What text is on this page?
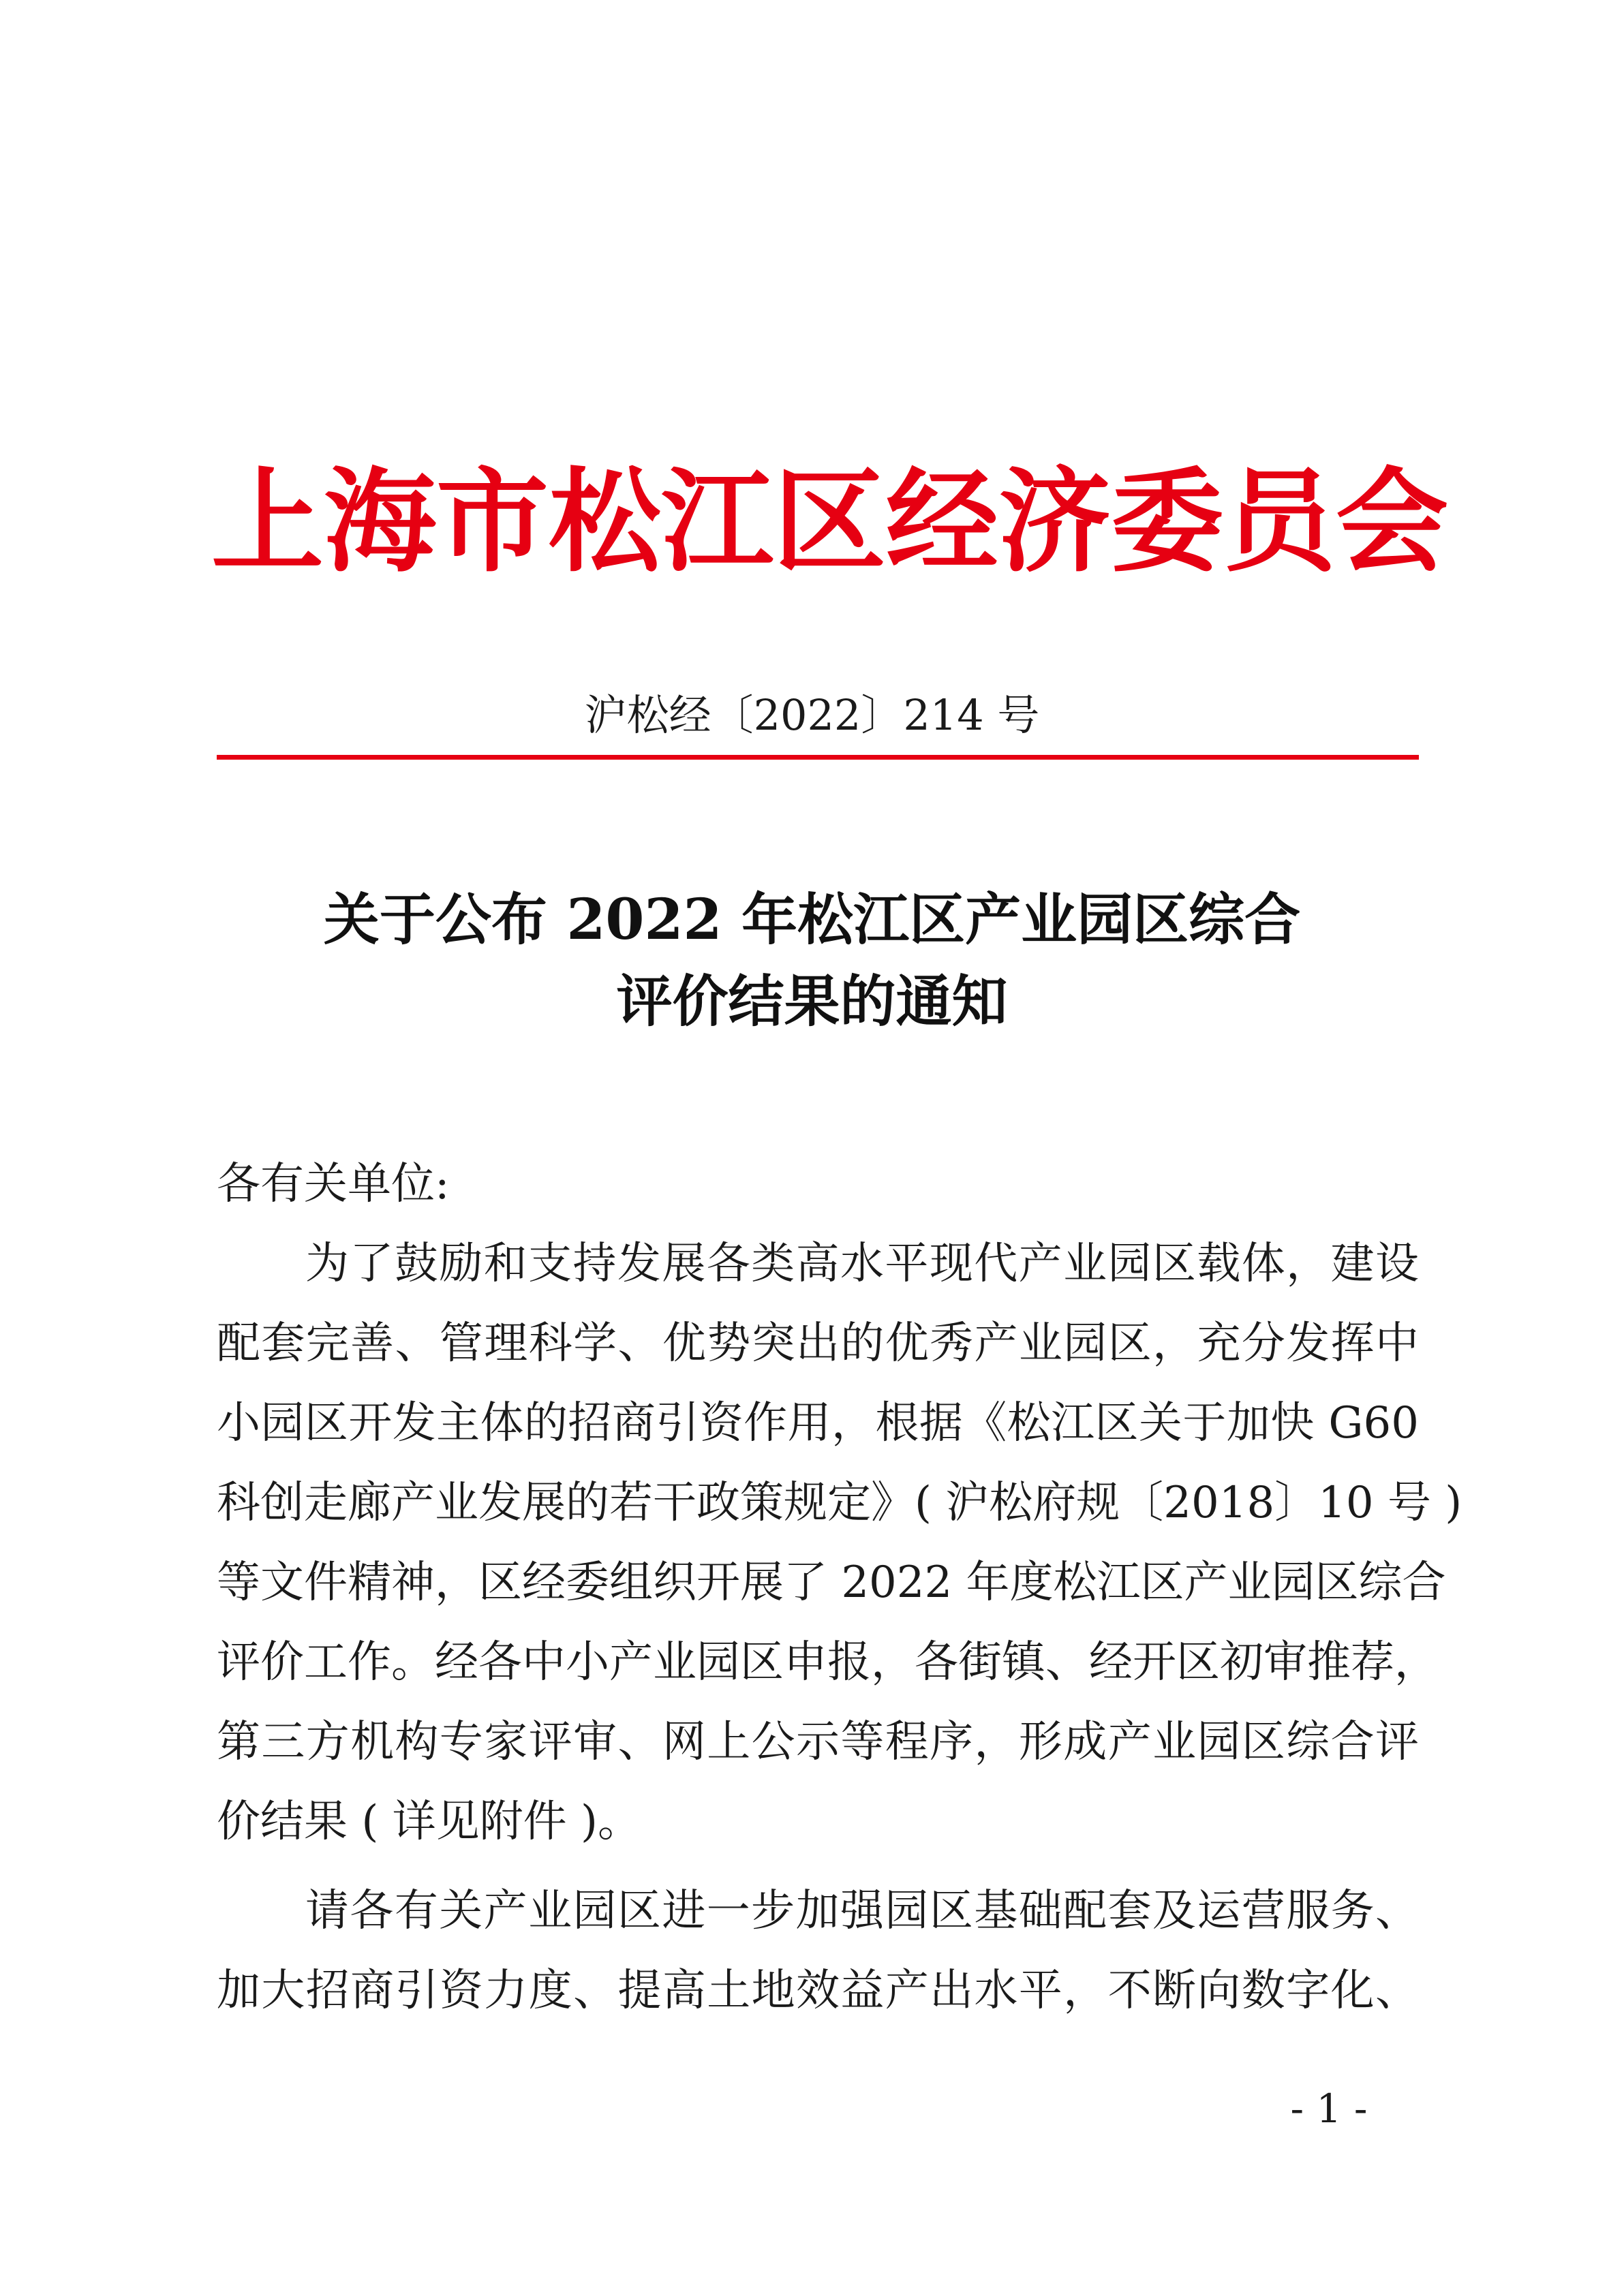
上 海 市 松 江 区 经 济 委 员 会
沪松经〔2022〕214 号
关于公布 2022 年松江区产业园区综合
评价结果的通知
各有关单位:
为了鼓励和支持发展各类高水平现代产业园区载体，建设
配套完善、管理科学、优势突出的优秀产业园区，充分发挥中
小园区开发主体的招商引资作用，根据《松江区关于加快 G60
科创走廊产业发展的若干政策规定》( 沪松府规〔2018〕10 号 )
等文件精神，区经委组织开展了 2022 年度松江区产业园区综合
评价工作。经各中小产业园区申报，各街镇、经开区初审推荐，
第三方机构专家评审、网上公示等程序，形成产业园区综合评
价结果 ( 详见附件 )。
请各有关产业园区进一步加强园区基础配套及运营服务、
加大招商引资力度、提高土地效益产出水平，不断向数字化、
- 1 -
